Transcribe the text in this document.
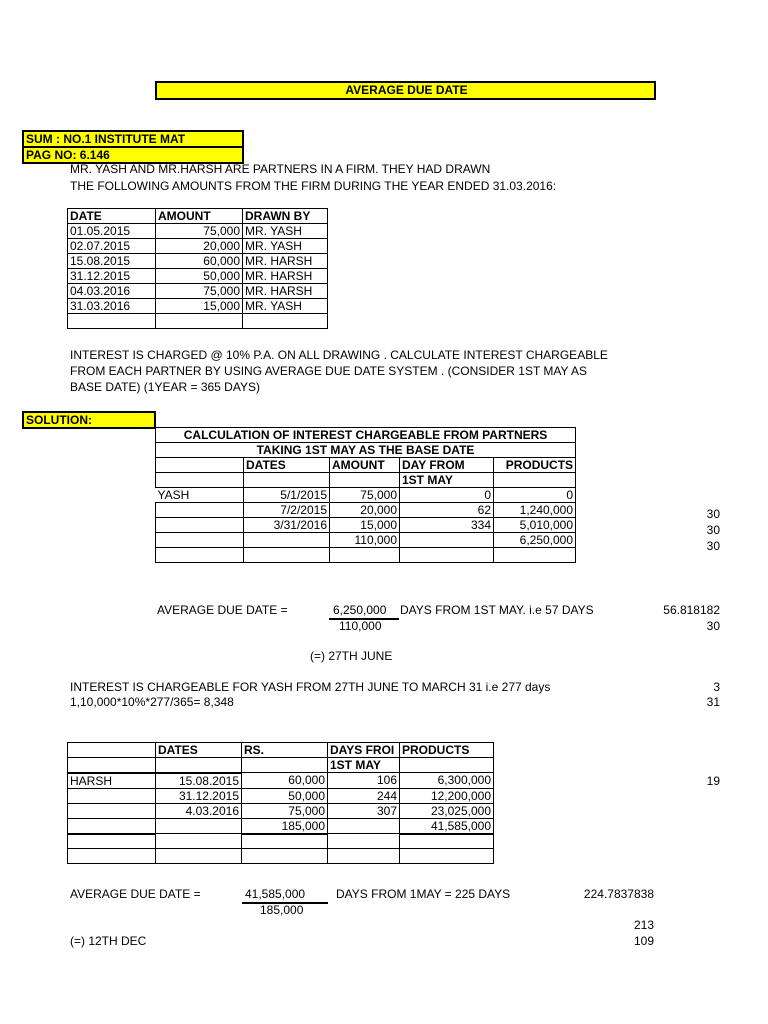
AVERAGE DUE DATE
SUM : NO.1 INSTITUTE MAT
PAG NO: 6.146
MR. YASH AND MR.HARSH ARE PARTNERS IN A FIRM. THEY HAD DRAWN
THE FOLLOWING AMOUNTS FROM THE FIRM DURING THE YEAR ENDED 31.03.2016:
DATE	AMOUNT	DRAWN BY
01.05.2015	75,000	MR. YASH
02.07.2015	20,000	MR. YASH
15.08.2015	60,000	MR. HARSH
31.12.2015	50,000	MR. HARSH
04.03.2016	75,000	MR. HARSH
31.03.2016	15,000	MR. YASH

INTEREST IS CHARGED @ 10% P.A. ON ALL DRAWING . CALCULATE INTEREST CHARGEABLE
FROM EACH PARTNER BY USING AVERAGE DUE DATE SYSTEM . (CONSIDER 1ST MAY AS
BASE DATE) (1YEAR = 365 DAYS)
SOLUTION:
CALCULATION OF INTEREST CHARGEABLE FROM PARTNERS				
TAKING 1ST MAY AS THE BASE DATE				
	DATES	AMOUNT	DAY FROM	PRODUCTS
			1ST MAY	
YASH	5/1/2015	75,000	0	0
	7/2/2015	20,000	62	1,240,000
	3/31/2016	15,000	334	5,010,000
		110,000		6,250,000

30
30
30
AVERAGE DUE DATE =	6,250,000
110,000
DAYS FROM 1ST MAY. i.e 57 DAYS	56.818182
30
(=) 27TH JUNE
INTEREST IS CHARGEABLE FOR YASH FROM 27TH JUNE TO MARCH 31 i.e 277 days
1,10,000*10%*277/365= 8,348
3
31
	DATES	RS.	DAYS FROI	PRODUCTS
			1ST MAY	
HARSH	15.08.2015	60,000	106	6,300,000
	31.12.2015	50,000	244	12,200,000
	4.03.2016	75,000	307	23,025,000
		185,000		41,585,000

19
AVERAGE DUE DATE =	41,585,000
185,000
DAYS FROM 1MAY = 225 DAYS	224.7837838
213
109
(=) 12TH DEC
